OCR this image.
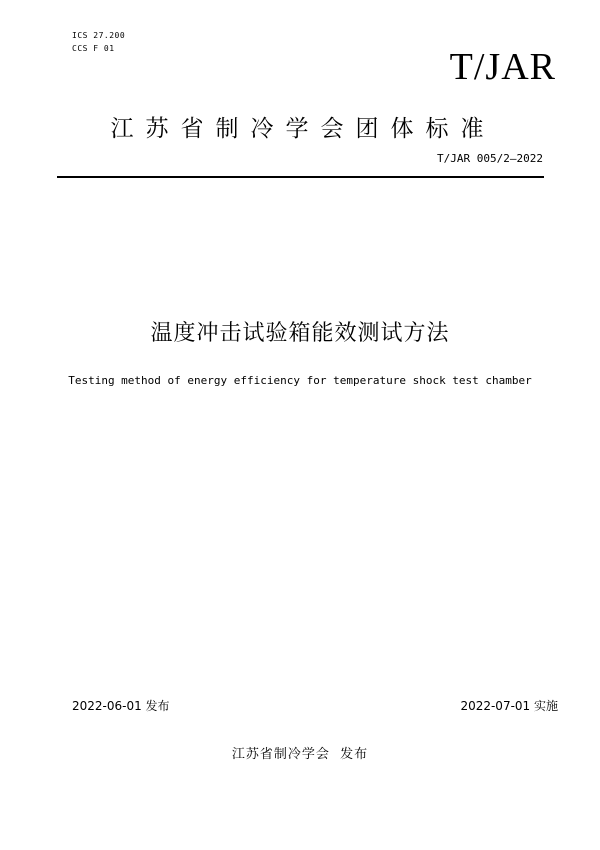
ICS 27.200
CCS F 01	T/JAR
江苏省制冷学会团体标准
T/JAR 005/2—2022
温度冲击试验箱能效测试方法
Testing method of energy efficiency for temperature shock test chamber
2022-06-01 发布	2022-07-01 实施
江苏省制冷学会  发布
